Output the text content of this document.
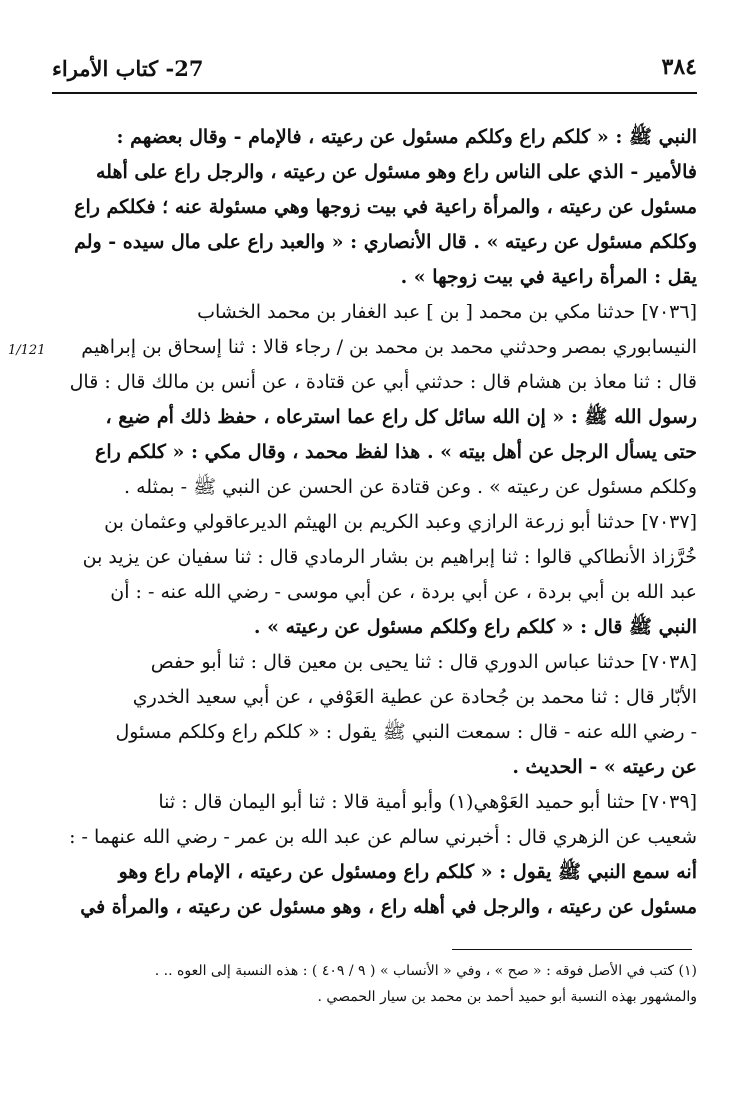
27- كتاب الأمراء	٣٨٤
1/121
النبي ﷺ : « كلكم راع وكلكم مسئول عن رعيته ، فالإمام - وقال بعضهم :
فالأمير - الذي على الناس راع وهو مسئول عن رعيته ، والرجل راع على أهله
مسئول عن رعيته ، والمرأة راعية في بيت زوجها وهي مسئولة عنه ؛ فكلكم راع
وكلكم مسئول عن رعيته » . قال الأنصاري : « والعبد راع على مال سيده - ولم
يقل : المرأة راعية في بيت زوجها » .
[٧٠٣٦] حدثنا مكي بن محمد [ بن ] عبد الغفار بن محمد الخشاب
النيسابوري بمصر وحدثني محمد بن محمد بن / رجاء قالا : ثنا إسحاق بن إبراهيم
قال : ثنا معاذ بن هشام قال : حدثني أبي عن قتادة ، عن أنس بن مالك قال : قال
رسول الله ﷺ : « إن الله سائل كل راع عما استرعاه ، حفظ ذلك أم ضيع ،
حتى يسأل الرجل عن أهل بيته » . هذا لفظ محمد ، وقال مكي : « كلكم راع
وكلكم مسئول عن رعيته » . وعن قتادة عن الحسن عن النبي ﷺ - بمثله .
[٧٠٣٧] حدثنا أبو زرعة الرازي وعبد الكريم بن الهيثم الديرعاقولي وعثمان بن
خُرَّزاذ الأنطاكي قالوا : ثنا إبراهيم بن بشار الرمادي قال : ثنا سفيان عن يزيد بن
عبد الله بن أبي بردة ، عن أبي بردة ، عن أبي موسى - رضي الله عنه - : أن
النبي ﷺ قال : « كلكم راع وكلكم مسئول عن رعيته » .
[٧٠٣٨] حدثنا عباس الدوري قال : ثنا يحيى بن معين قال : ثنا أبو حفص
الأبّار قال : ثنا محمد بن جُحادة عن عطية العَوْفي ، عن أبي سعيد الخدري
- رضي الله عنه - قال : سمعت النبي ﷺ يقول : « كلكم راع وكلكم مسئول
عن رعيته » - الحديث .
[٧٠٣٩] حثنا أبو حميد العَوْهي(١) وأبو أمية قالا : ثنا أبو اليمان قال : ثنا
شعيب عن الزهري قال : أخبرني سالم عن عبد الله بن عمر - رضي الله عنهما - :
أنه سمع النبي ﷺ يقول : « كلكم راع ومسئول عن رعيته ، الإمام راع وهو
مسئول عن رعيته ، والرجل في أهله راع ، وهو مسئول عن رعيته ، والمرأة في
(١) كتب في الأصل فوقه : « صح » ، وفي « الأنساب » ( ٩ / ٤٠٩ ) : هذه النسبة إلى العوه .. .
والمشهور بهذه النسبة أبو حميد أحمد بن محمد بن سيار الحمصي .
